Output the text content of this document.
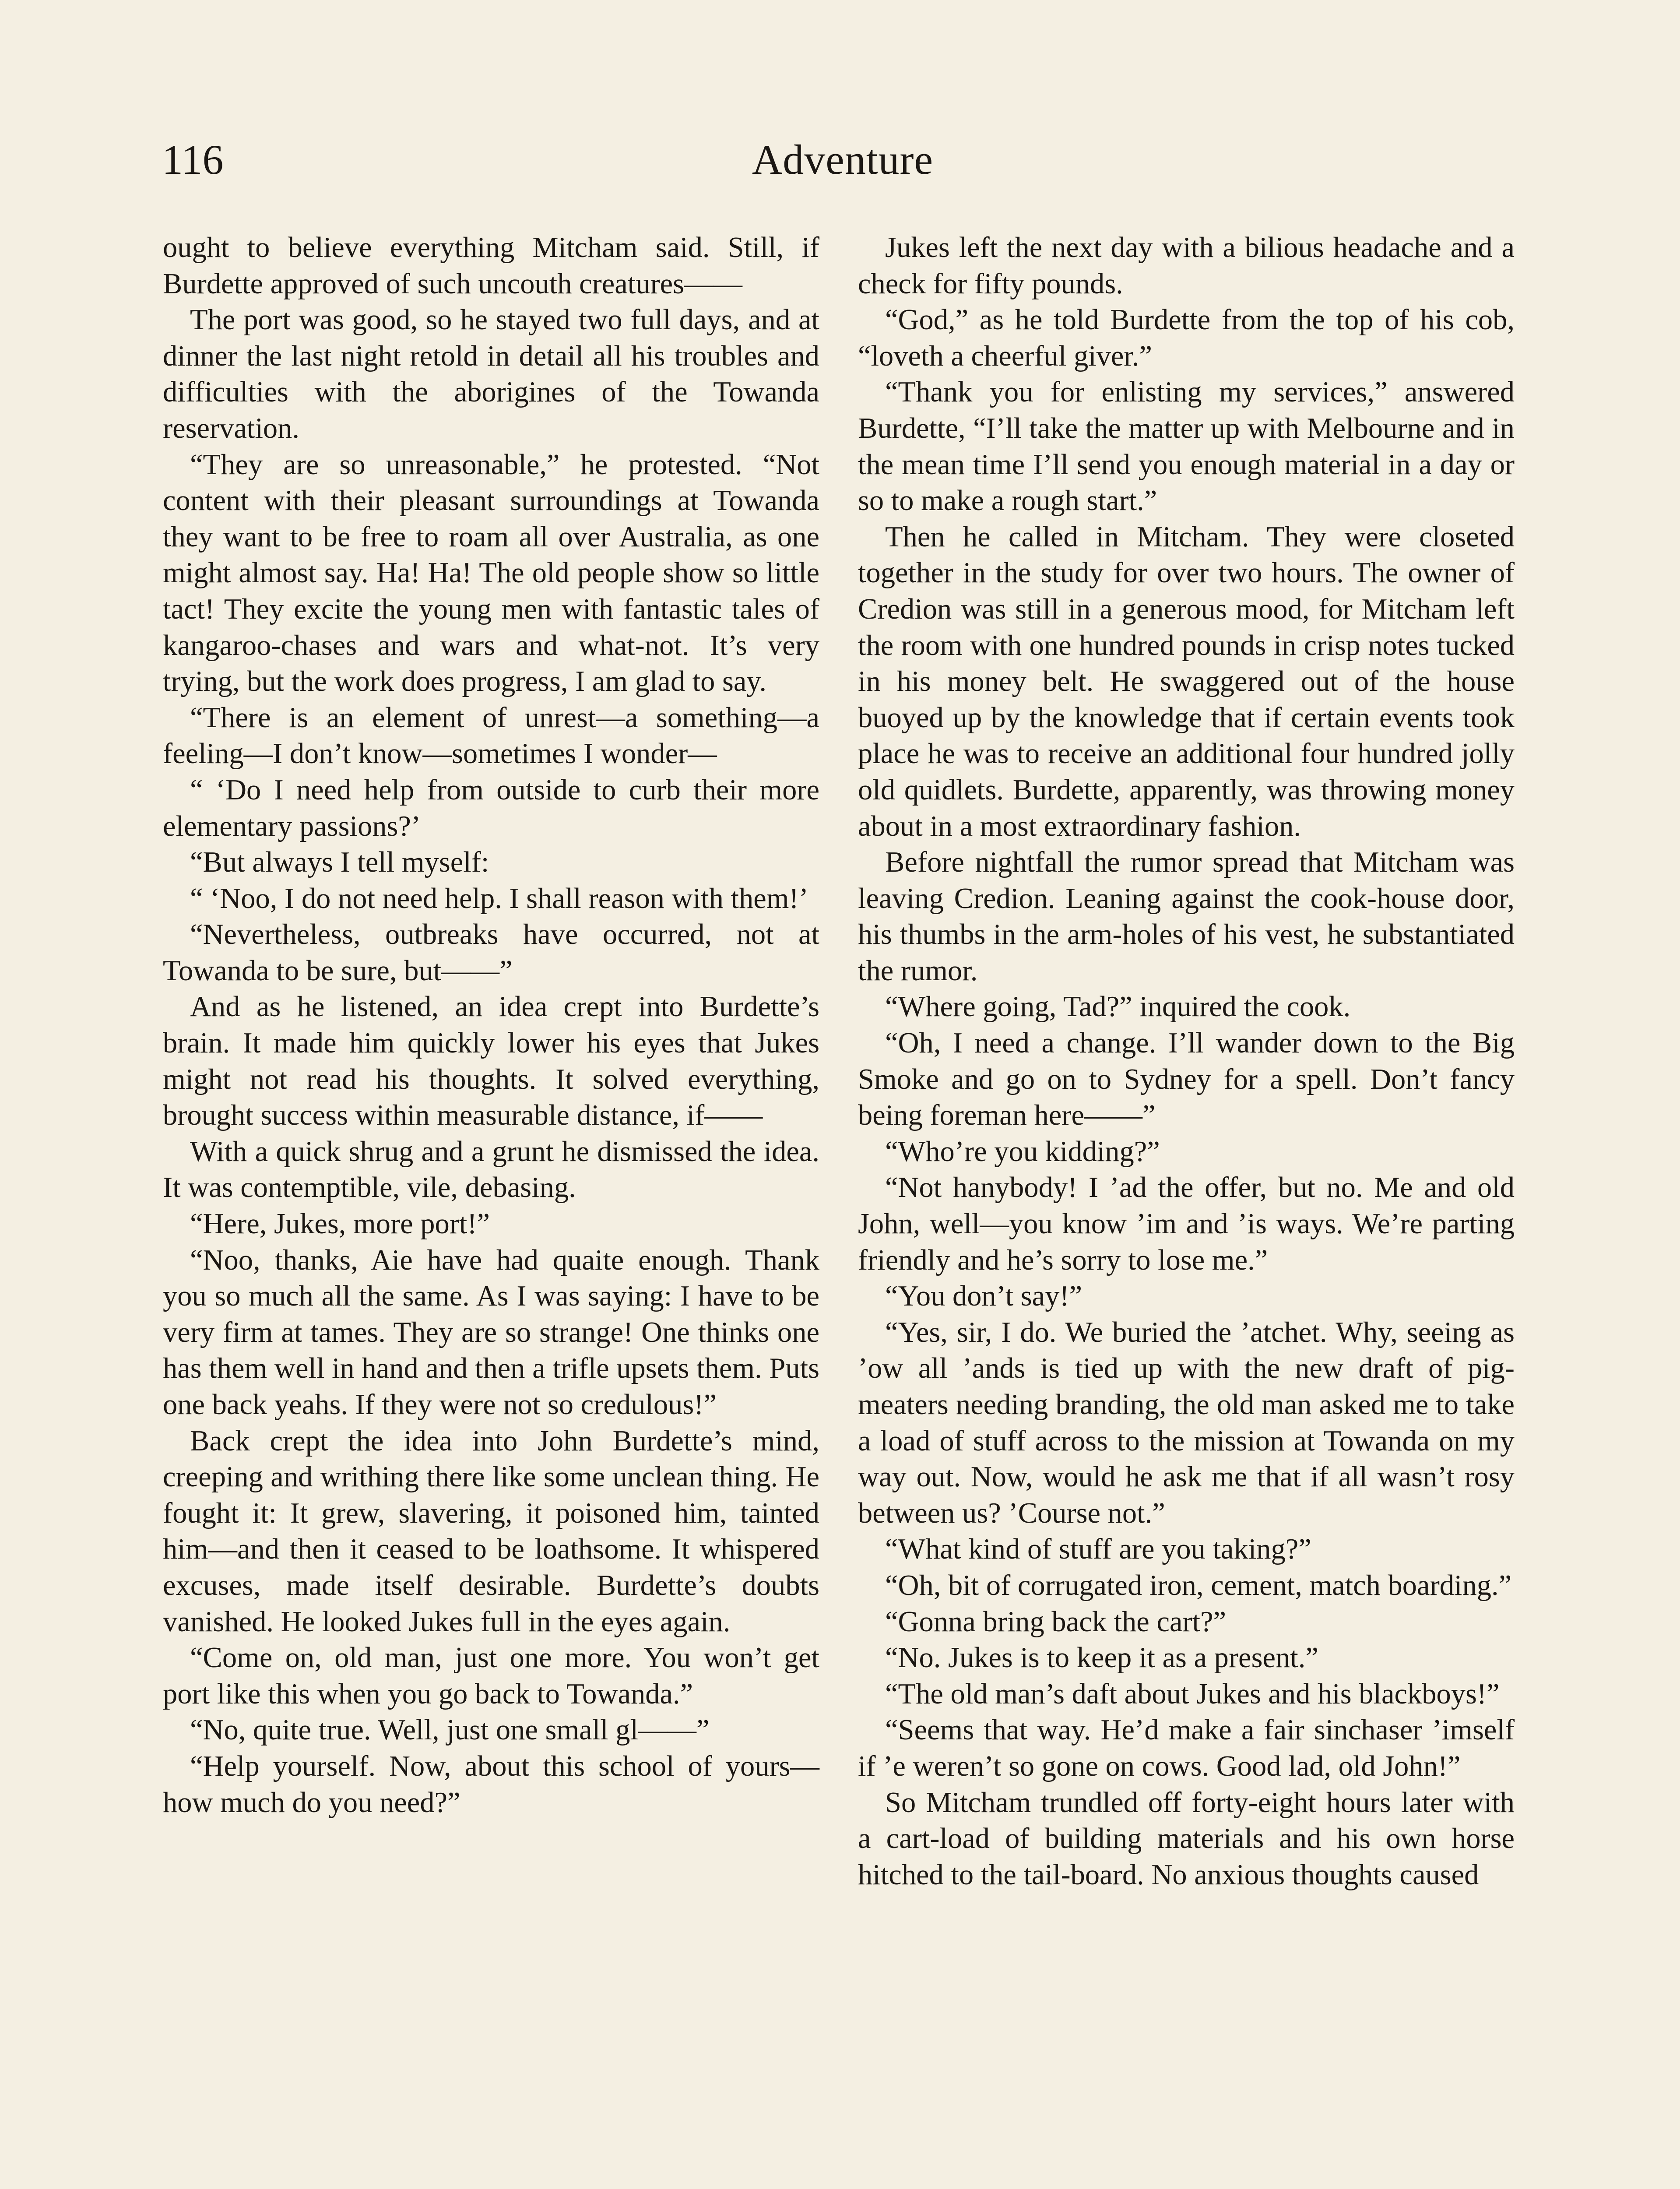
116	Adventure

ought to believe everything Mitcham said. Still, if Burdette approved of such uncouth creatures——

The port was good, so he stayed two full days, and at dinner the last night retold in detail all his troubles and difficulties with the aborigines of the Towanda reservation.

“They are so unreasonable,” he protested. “Not content with their pleasant surroundings at Towanda they want to be free to roam all over Australia, as one might almost say. Ha! Ha! The old people show so little tact! They excite the young men with fantastic tales of kangaroo-chases and wars and what-not. It’s very trying, but the work does progress, I am glad to say.

“There is an element of unrest—a something—a feeling—I don’t know—sometimes I wonder—

“ ‘Do I need help from outside to curb their more elementary passions?’

“But always I tell myself:

“ ‘Noo, I do not need help. I shall reason with them!’

“Nevertheless, outbreaks have occurred, not at Towanda to be sure, but——”

And as he listened, an idea crept into Burdette’s brain. It made him quickly lower his eyes that Jukes might not read his thoughts. It solved everything, brought success within measurable distance, if——

With a quick shrug and a grunt he dismissed the idea. It was contemptible, vile, debasing.

“Here, Jukes, more port!”

“Noo, thanks, Aie have had quaite enough. Thank you so much all the same. As I was saying: I have to be very firm at tames. They are so strange! One thinks one has them well in hand and then a trifle upsets them. Puts one back yeahs. If they were not so credulous!”

Back crept the idea into John Burdette’s mind, creeping and writhing there like some unclean thing. He fought it: It grew, slavering, it poisoned him, tainted him—and then it ceased to be loathsome. It whispered excuses, made itself desirable. Burdette’s doubts vanished. He looked Jukes full in the eyes again.

“Come on, old man, just one more. You won’t get port like this when you go back to Towanda.”

“No, quite true. Well, just one small gl——”

“Help yourself. Now, about this school of yours—how much do you need?”

Jukes left the next day with a bilious headache and a check for fifty pounds.

“God,” as he told Burdette from the top of his cob, “loveth a cheerful giver.”

“Thank you for enlisting my services,” answered Burdette, “I’ll take the matter up with Melbourne and in the mean time I’ll send you enough material in a day or so to make a rough start.”

Then he called in Mitcham. They were closeted together in the study for over two hours. The owner of Credion was still in a generous mood, for Mitcham left the room with one hundred pounds in crisp notes tucked in his money belt. He swaggered out of the house buoyed up by the knowledge that if certain events took place he was to receive an additional four hundred jolly old quidlets. Burdette, apparently, was throwing money about in a most extraordinary fashion.

Before nightfall the rumor spread that Mitcham was leaving Credion. Leaning against the cook-house door, his thumbs in the arm-holes of his vest, he substantiated the rumor.

“Where going, Tad?” inquired the cook.

“Oh, I need a change. I’ll wander down to the Big Smoke and go on to Sydney for a spell. Don’t fancy being foreman here——”

“Who’re you kidding?”

“Not hanybody! I ’ad the offer, but no. Me and old John, well—you know ’im and ’is ways. We’re parting friendly and he’s sorry to lose me.”

“You don’t say!”

“Yes, sir, I do. We buried the ’atchet. Why, seeing as ’ow all ’ands is tied up with the new draft of pig-meaters needing branding, the old man asked me to take a load of stuff across to the mission at Towanda on my way out. Now, would he ask me that if all wasn’t rosy between us? ’Course not.”

“What kind of stuff are you taking?”

“Oh, bit of corrugated iron, cement, match boarding.”

“Gonna bring back the cart?”

“No. Jukes is to keep it as a present.”

“The old man’s daft about Jukes and his blackboys!”

“Seems that way. He’d make a fair sinchaser ’imself if ’e weren’t so gone on cows. Good lad, old John!”

So Mitcham trundled off forty-eight hours later with a cart-load of building materials and his own horse hitched to the tail-board. No anxious thoughts caused
